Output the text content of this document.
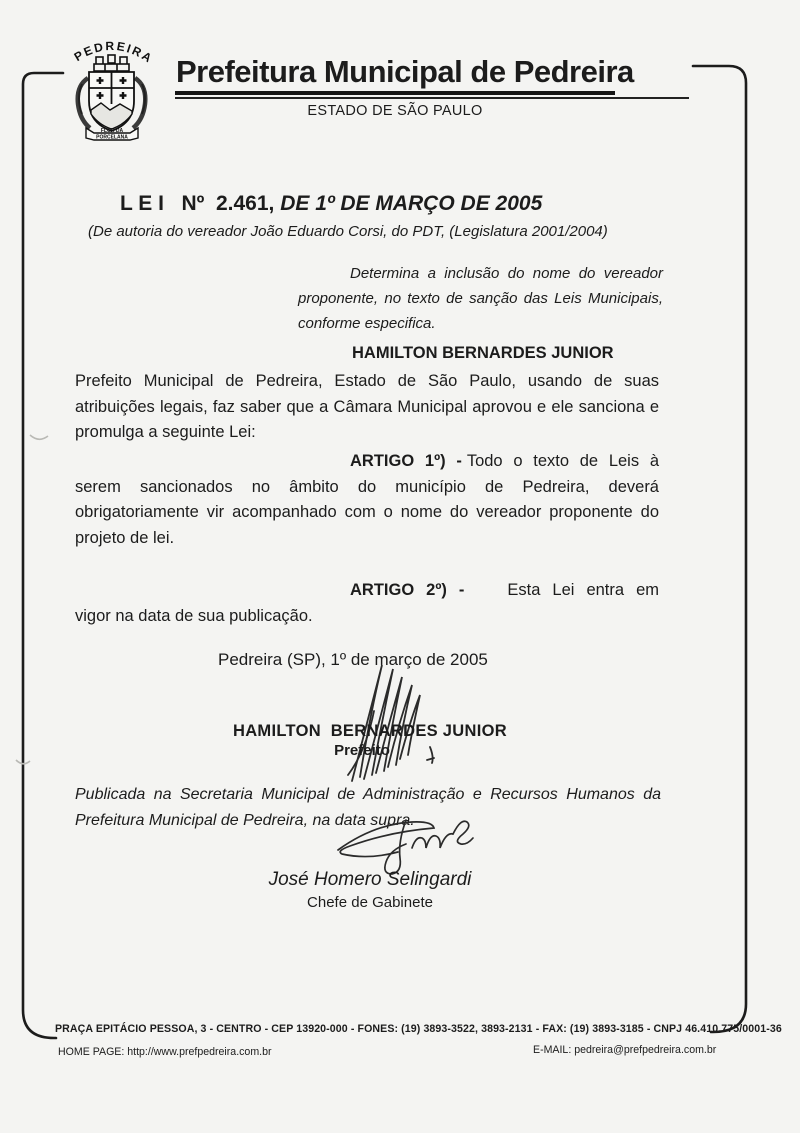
PEDREIRA
FLOR DA
PORCELANA
Prefeitura Municipal de Pedreira
ESTADO DE SÃO PAULO
L E I   Nº  2.461, DE 1º DE MARÇO DE 2005
(De autoria do vereador João Eduardo Corsi, do PDT, (Legislatura 2001/2004)
Determina a inclusão do nome do vereador proponente, no texto de sanção das Leis Municipais, conforme especifica.
HAMILTON BERNARDES JUNIOR
Prefeito Municipal de Pedreira, Estado de São Paulo, usando de suas atribuições legais, faz saber que a Câmara Municipal aprovou e ele sanciona e promulga a seguinte Lei:
ARTIGO 1º) - Todo o texto de Leis à serem sancionados no âmbito do município de Pedreira, deverá obrigatoriamente vir acompanhado com o nome do vereador proponente do projeto de lei.
ARTIGO 2º) -	Esta Lei entra em vigor na data de sua publicação.
Pedreira (SP), 1º de março de 2005
HAMILTON  BERNARDES JUNIOR
Prefeito
Publicada na Secretaria Municipal de Administração e Recursos Humanos da Prefeitura Municipal de Pedreira, na data supra.
José Homero Selingardi
Chefe de Gabinete
PRAÇA EPITÁCIO PESSOA, 3 - CENTRO - CEP 13920-000 - FONES: (19) 3893-3522, 3893-2131 - FAX: (19) 3893-3185 - CNPJ 46.410.775/0001-36
HOME PAGE: http://www.prefpedreira.com.br	E-MAIL: pedreira@prefpedreira.com.br
